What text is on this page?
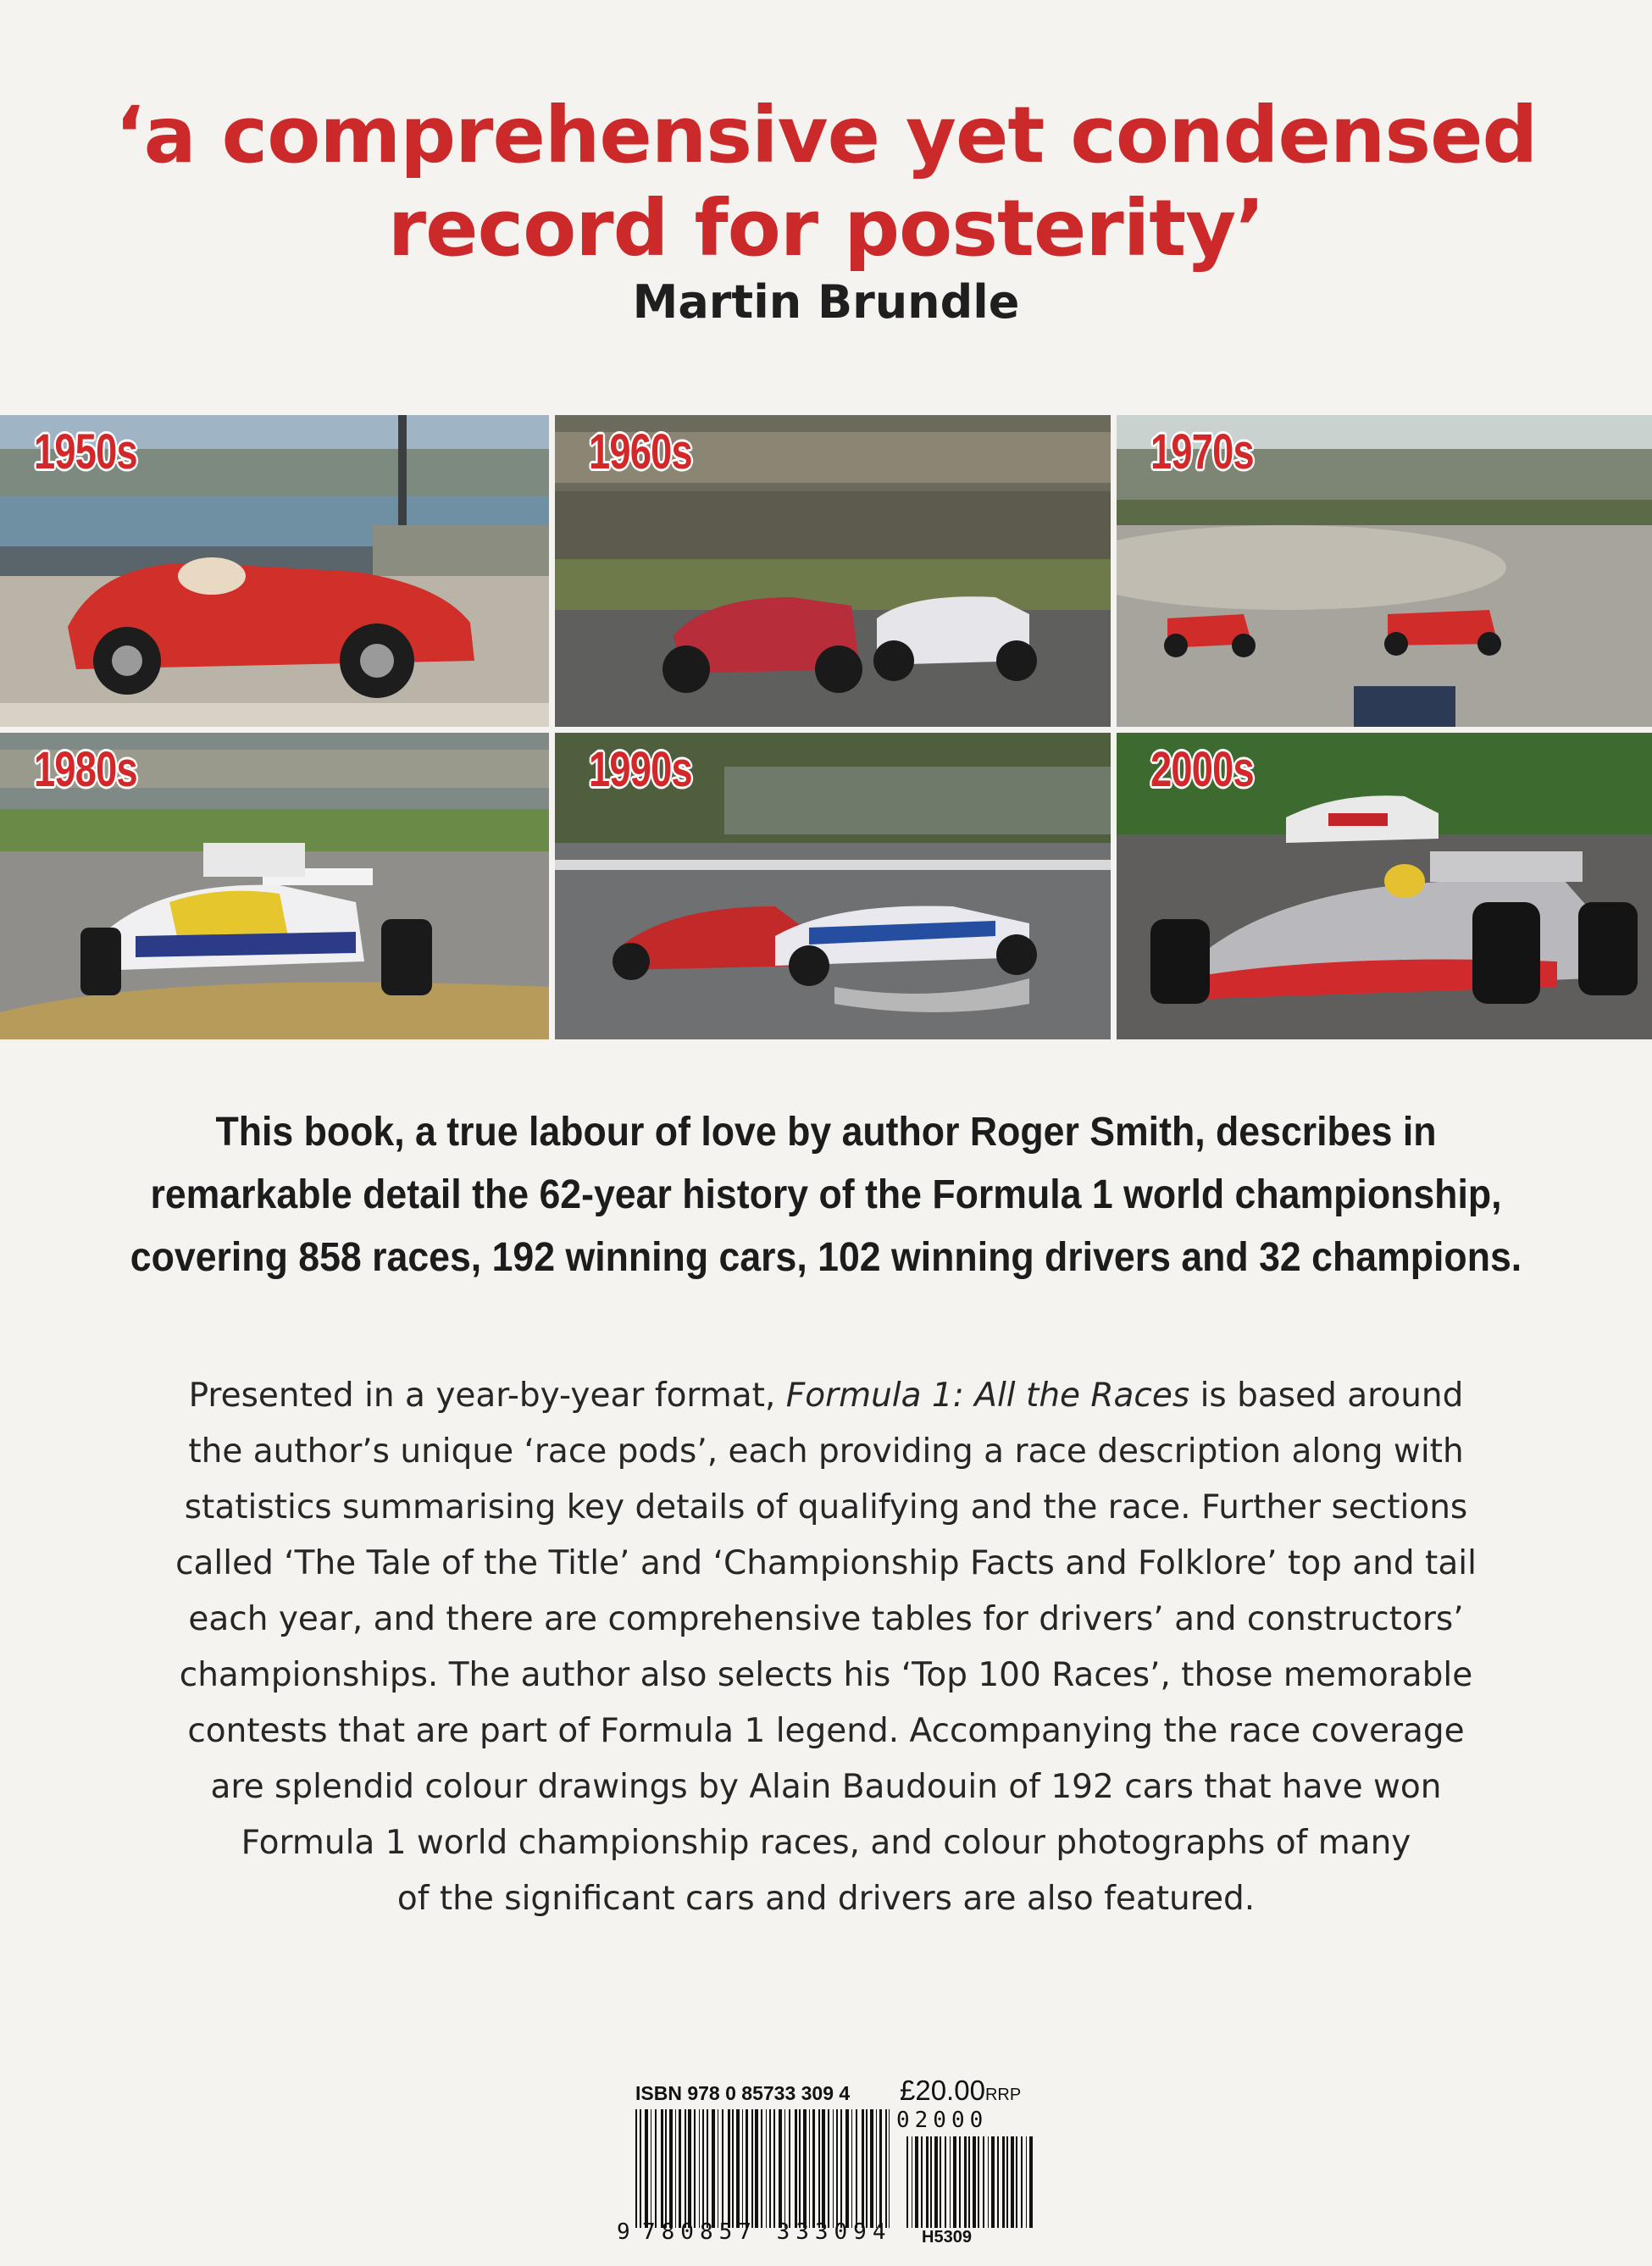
‘a comprehensive yet condensed
record for posterity’
Martin Brundle
1950s	1960s	1970s
1980s	1990s	2000s
This book, a true labour of love by author Roger Smith, describes in
remarkable detail the 62-year history of the Formula 1 world championship,
covering 858 races, 192 winning cars, 102 winning drivers and 32 champions.
Presented in a year-by-year format, Formula 1: All the Races is based around
the author’s unique ‘race pods’, each providing a race description along with
statistics summarising key details of qualifying and the race. Further sections
called ‘The Tale of the Title’ and ‘Championship Facts and Folklore’ top and tail
each year, and there are comprehensive tables for drivers’ and constructors’
championships. The author also selects his ‘Top 100 Races’, those memorable
contests that are part of Formula 1 legend. Accompanying the race coverage
are splendid colour drawings by Alain Baudouin of 192 cars that have won
Formula 1 world championship races, and colour photographs of many
of the significant cars and drivers are also featured.
ISBN 978 0 85733 309 4 £20.00RRP
02000
9 780857 333094	H5309
